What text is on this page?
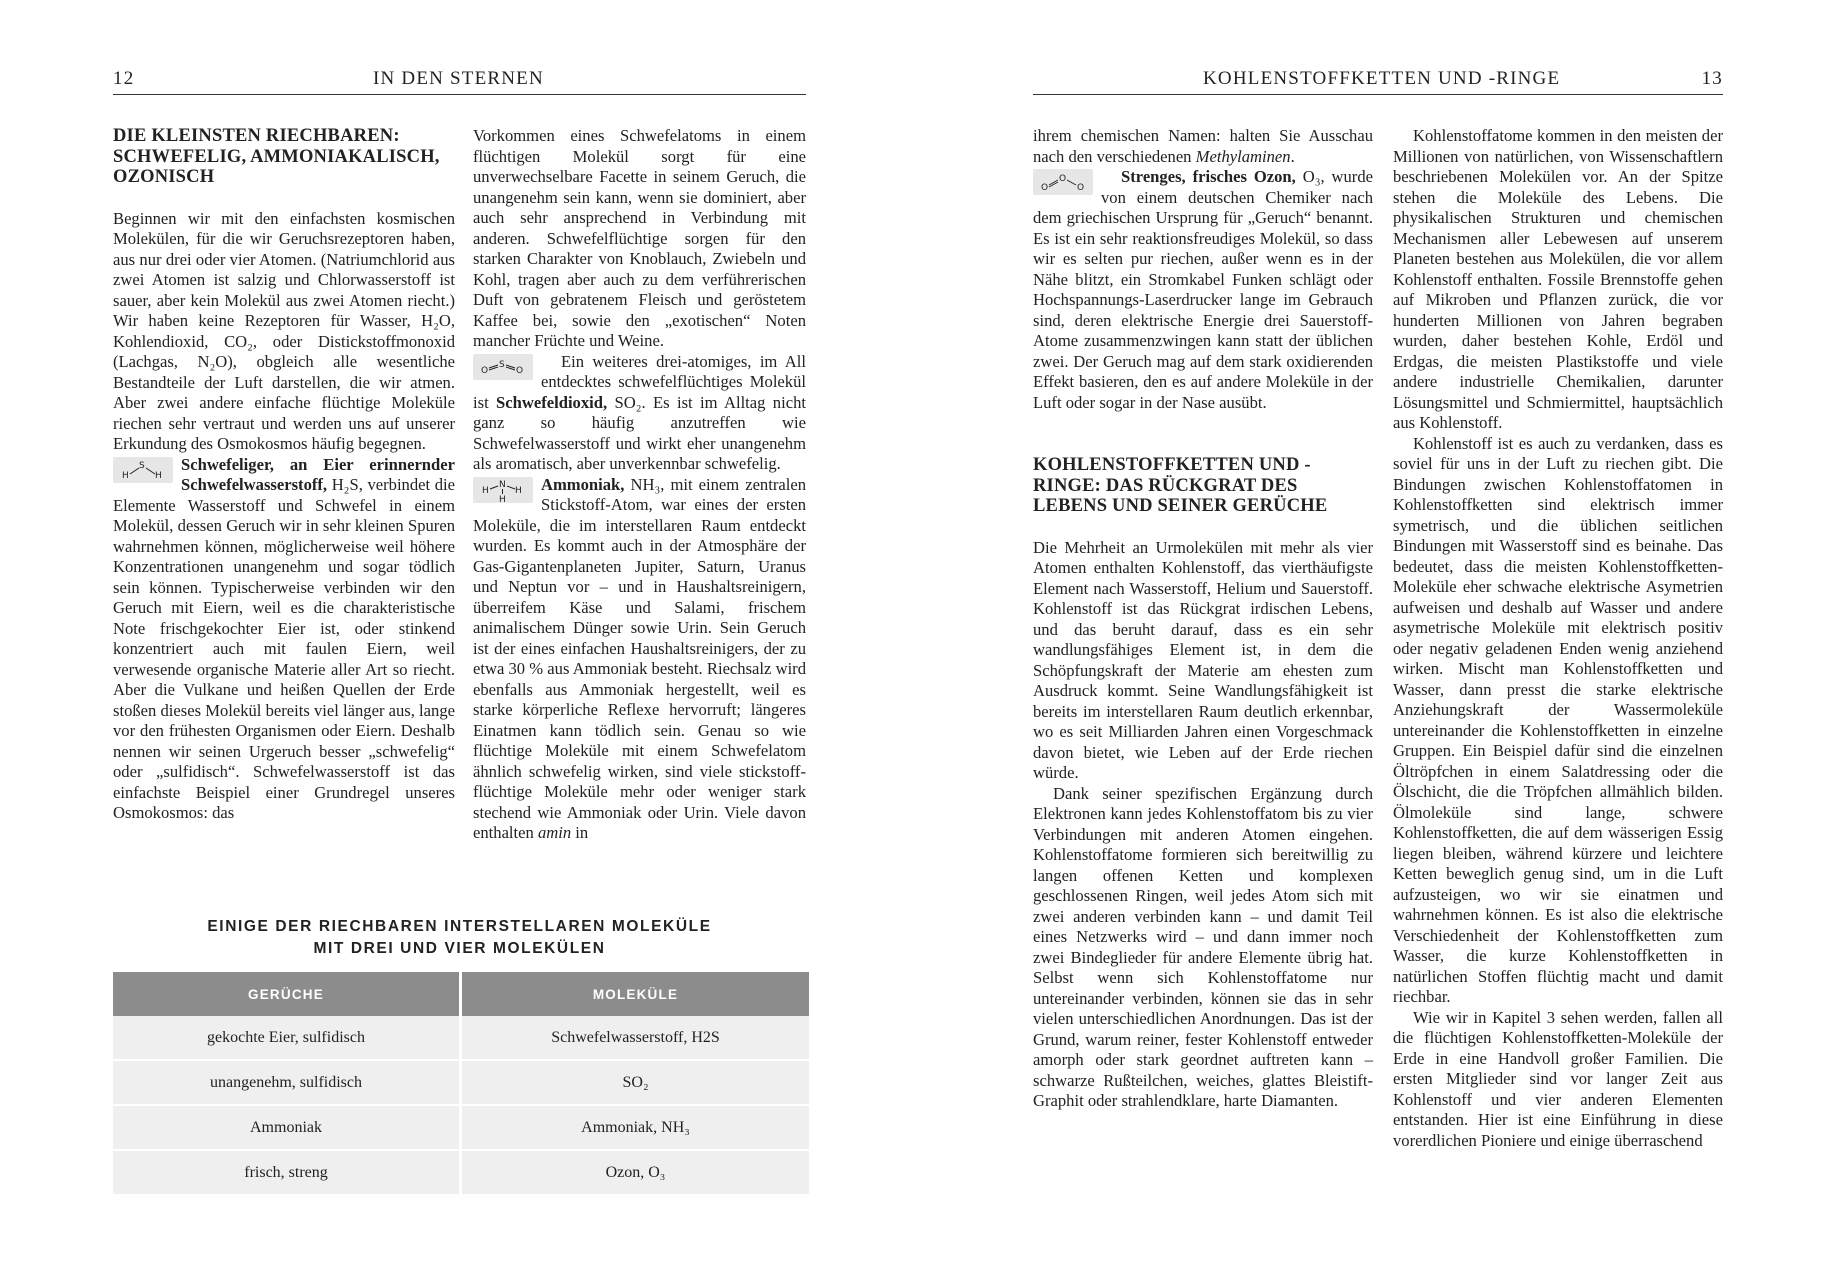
12	IN DEN STERNEN
DIE KLEINSTEN RIECHBAREN: SCHWEFELIG, AMMONIAKALISCH, OZONISCH

Beginnen wir mit den einfachsten kosmischen Molekülen, für die wir Geruchsrezeptoren haben, aus nur drei oder vier Atomen. (Natriumchlorid aus zwei Atomen ist salzig und Chlorwasserstoff ist sauer, aber kein Molekül aus zwei Atomen riecht.) Wir haben keine Rezeptoren für Wasser, H₂O, Kohlendioxid, CO₂, oder Distickstoffmonoxid (Lachgas, N₂O), obgleich alle wesentliche Bestandteile der Luft darstellen, die wir atmen. Aber zwei andere einfache flüchtige Moleküle riechen sehr vertraut und werden uns auf unserer Erkundung des Osmokosmos häufig begegnen.

H
S
H
Schwefeliger, an Eier erinnernder Schwefelwasserstoff, H₂S, verbindet die Elemente Wasserstoff und Schwefel in einem Molekül, dessen Geruch wir in sehr kleinen Spuren wahrnehmen können, möglicherweise weil höhere Konzentrationen unangenehm und sogar tödlich sein können. Typischerweise verbinden wir den Geruch mit Eiern, weil es die charakteristische Note frischgekochter Eier ist, oder stinkend konzentriert auch mit faulen Eiern, weil verwesende organische Materie aller Art so riecht. Aber die Vulkane und heißen Quellen der Erde stoßen dieses Molekül bereits viel länger aus, lange vor den frühesten Organismen oder Eiern. Deshalb nennen wir seinen Urgeruch besser „schwefelig“ oder „sulfidisch“. Schwefelwasserstoff ist das einfachste Beispiel einer Grundregel unseres Osmokosmos: das

Vorkommen eines Schwefelatoms in einem flüchtigen Molekül sorgt für eine unverwechselbare Facette in seinem Geruch, die unangenehm sein kann, wenn sie dominiert, aber auch sehr ansprechend in Verbindung mit anderen. Schwefelflüchtige sorgen für den starken Charakter von Knoblauch, Zwiebeln und Kohl, tragen aber auch zu dem verführerischen Duft von gebratenem Fleisch und geröstetem Kaffee bei, sowie den „exotischen“ Noten mancher Früchte und Weine.

O
S
O Ein weiteres drei-atomiges, im All entdecktes schwefelflüchtiges Molekül ist Schwefeldioxid, SO₂. Es ist im Alltag nicht ganz so häufig anzutreffen wie Schwefelwasserstoff und wirkt eher unangenehm als aromatisch, aber unverkennbar schwefelig.

H
N
H
H
Ammoniak, NH₃, mit einem zentralen Stickstoff-Atom, war eines der ersten Moleküle, die im interstellaren Raum entdeckt wurden. Es kommt auch in der Atmosphäre der Gas-Gigantenplaneten Jupiter, Saturn, Uranus und Neptun vor – und in Haushaltsreinigern, überreifem Käse und Salami, frischem animalischem Dünger sowie Urin. Sein Geruch ist der eines einfachen Haushaltsreinigers, der zu etwa 30 % aus Ammoniak besteht. Riechsalz wird ebenfalls aus Ammoniak hergestellt, weil es starke körperliche Reflexe hervorruft; längeres Einatmen kann tödlich sein. Genau so wie flüchtige Moleküle mit einem Schwefelatom ähnlich schwefelig wirken, sind viele stickstoff-flüchtige Moleküle mehr oder weniger stark stechend wie Ammoniak oder Urin. Viele davon enthalten amin in

EINIGE DER RIECHBAREN INTERSTELLAREN MOLEKÜLE
MIT DREI UND VIER MOLEKÜLEN
GERÜCHE	MOLEKÜLE
gekochte Eier, sulfidisch	Schwefelwasserstoff, H2S
unangenehm, sulfidisch	SO₂
Ammoniak	Ammoniak, NH₃
frisch, streng	Ozon, O₃
KOHLENSTOFFKETTEN UND -RINGE	13

ihrem chemischen Namen: halten Sie Ausschau nach den verschiedenen Methylaminen.

O
O
O
Strenges, frisches Ozon, O₃, wurde von einem deutschen Chemiker nach dem griechischen Ursprung für „Geruch“ benannt. Es ist ein sehr reaktionsfreudiges Molekül, so dass wir es selten pur riechen, außer wenn es in der Nähe blitzt, ein Stromkabel Funken schlägt oder Hochspannungs-Laserdrucker lange im Gebrauch sind, deren elektrische Energie drei Sauerstoff-Atome zusammenzwingen kann statt der üblichen zwei. Der Geruch mag auf dem stark oxidierenden Effekt basieren, den es auf andere Moleküle in der Luft oder sogar in der Nase ausübt.

KOHLENSTOFFKETTEN UND -RINGE: DAS RÜCKGRAT DES LEBENS UND SEINER GERÜCHE

Die Mehrheit an Urmolekülen mit mehr als vier Atomen enthalten Kohlenstoff, das vierthäufigste Element nach Wasserstoff, Helium und Sauerstoff. Kohlenstoff ist das Rückgrat irdischen Lebens, und das beruht darauf, dass es ein sehr wandlungsfähiges Element ist, in dem die Schöpfungskraft der Materie am ehesten zum Ausdruck kommt. Seine Wandlungsfähigkeit ist bereits im interstellaren Raum deutlich erkennbar, wo es seit Milliarden Jahren einen Vorgeschmack davon bietet, wie Leben auf der Erde riechen würde.

Dank seiner spezifischen Ergänzung durch Elektronen kann jedes Kohlenstoffatom bis zu vier Verbindungen mit anderen Atomen eingehen. Kohlenstoffatome formieren sich bereitwillig zu langen offenen Ketten und komplexen geschlossenen Ringen, weil jedes Atom sich mit zwei anderen verbinden kann – und damit Teil eines Netzwerks wird – und dann immer noch zwei Bindeglieder für andere Elemente übrig hat. Selbst wenn sich Kohlenstoffatome nur untereinander verbinden, können sie das in sehr vielen unterschiedlichen Anordnungen. Das ist der Grund, warum reiner, fester Kohlenstoff entweder amorph oder stark geordnet auftreten kann – schwarze Rußteilchen, weiches, glattes Bleistift-Graphit oder strahlendklare, harte Diamanten.

Kohlenstoffatome kommen in den meisten der Millionen von natürlichen, von Wissenschaftlern beschriebenen Molekülen vor. An der Spitze stehen die Moleküle des Lebens. Die physikalischen Strukturen und chemischen Mechanismen aller Lebewesen auf unserem Planeten bestehen aus Molekülen, die vor allem Kohlenstoff enthalten. Fossile Brennstoffe gehen auf Mikroben und Pflanzen zurück, die vor hunderten Millionen von Jahren begraben wurden, daher bestehen Kohle, Erdöl und Erdgas, die meisten Plastikstoffe und viele andere industrielle Chemikalien, darunter Lösungsmittel und Schmiermittel, hauptsächlich aus Kohlenstoff.

Kohlenstoff ist es auch zu verdanken, dass es soviel für uns in der Luft zu riechen gibt. Die Bindungen zwischen Kohlenstoffatomen in Kohlenstoffketten sind elektrisch immer symetrisch, und die üblichen seitlichen Bindungen mit Wasserstoff sind es beinahe. Das bedeutet, dass die meisten Kohlenstoffketten-Moleküle eher schwache elektrische Asymetrien aufweisen und deshalb auf Wasser und andere asymetrische Moleküle mit elektrisch positiv oder negativ geladenen Enden wenig anziehend wirken. Mischt man Kohlenstoffketten und Wasser, dann presst die starke elektrische Anziehungskraft der Wassermoleküle untereinander die Kohlenstoffketten in einzelne Gruppen. Ein Beispiel dafür sind die einzelnen Öltröpfchen in einem Salatdressing oder die Ölschicht, die die Tröpfchen allmählich bilden. Ölmoleküle sind lange, schwere Kohlenstoffketten, die auf dem wässerigen Essig liegen bleiben, während kürzere und leichtere Ketten beweglich genug sind, um in die Luft aufzusteigen, wo wir sie einatmen und wahrnehmen können. Es ist also die elektrische Verschiedenheit der Kohlenstoffketten zum Wasser, die kurze Kohlenstoffketten in natürlichen Stoffen flüchtig macht und damit riechbar.

Wie wir in Kapitel 3 sehen werden, fallen all die flüchtigen Kohlenstoffketten-Moleküle der Erde in eine Handvoll großer Familien. Die ersten Mitglieder sind vor langer Zeit aus Kohlenstoff und vier anderen Elementen entstanden. Hier ist eine Einführung in diese vorerdlichen Pioniere und einige überraschend
